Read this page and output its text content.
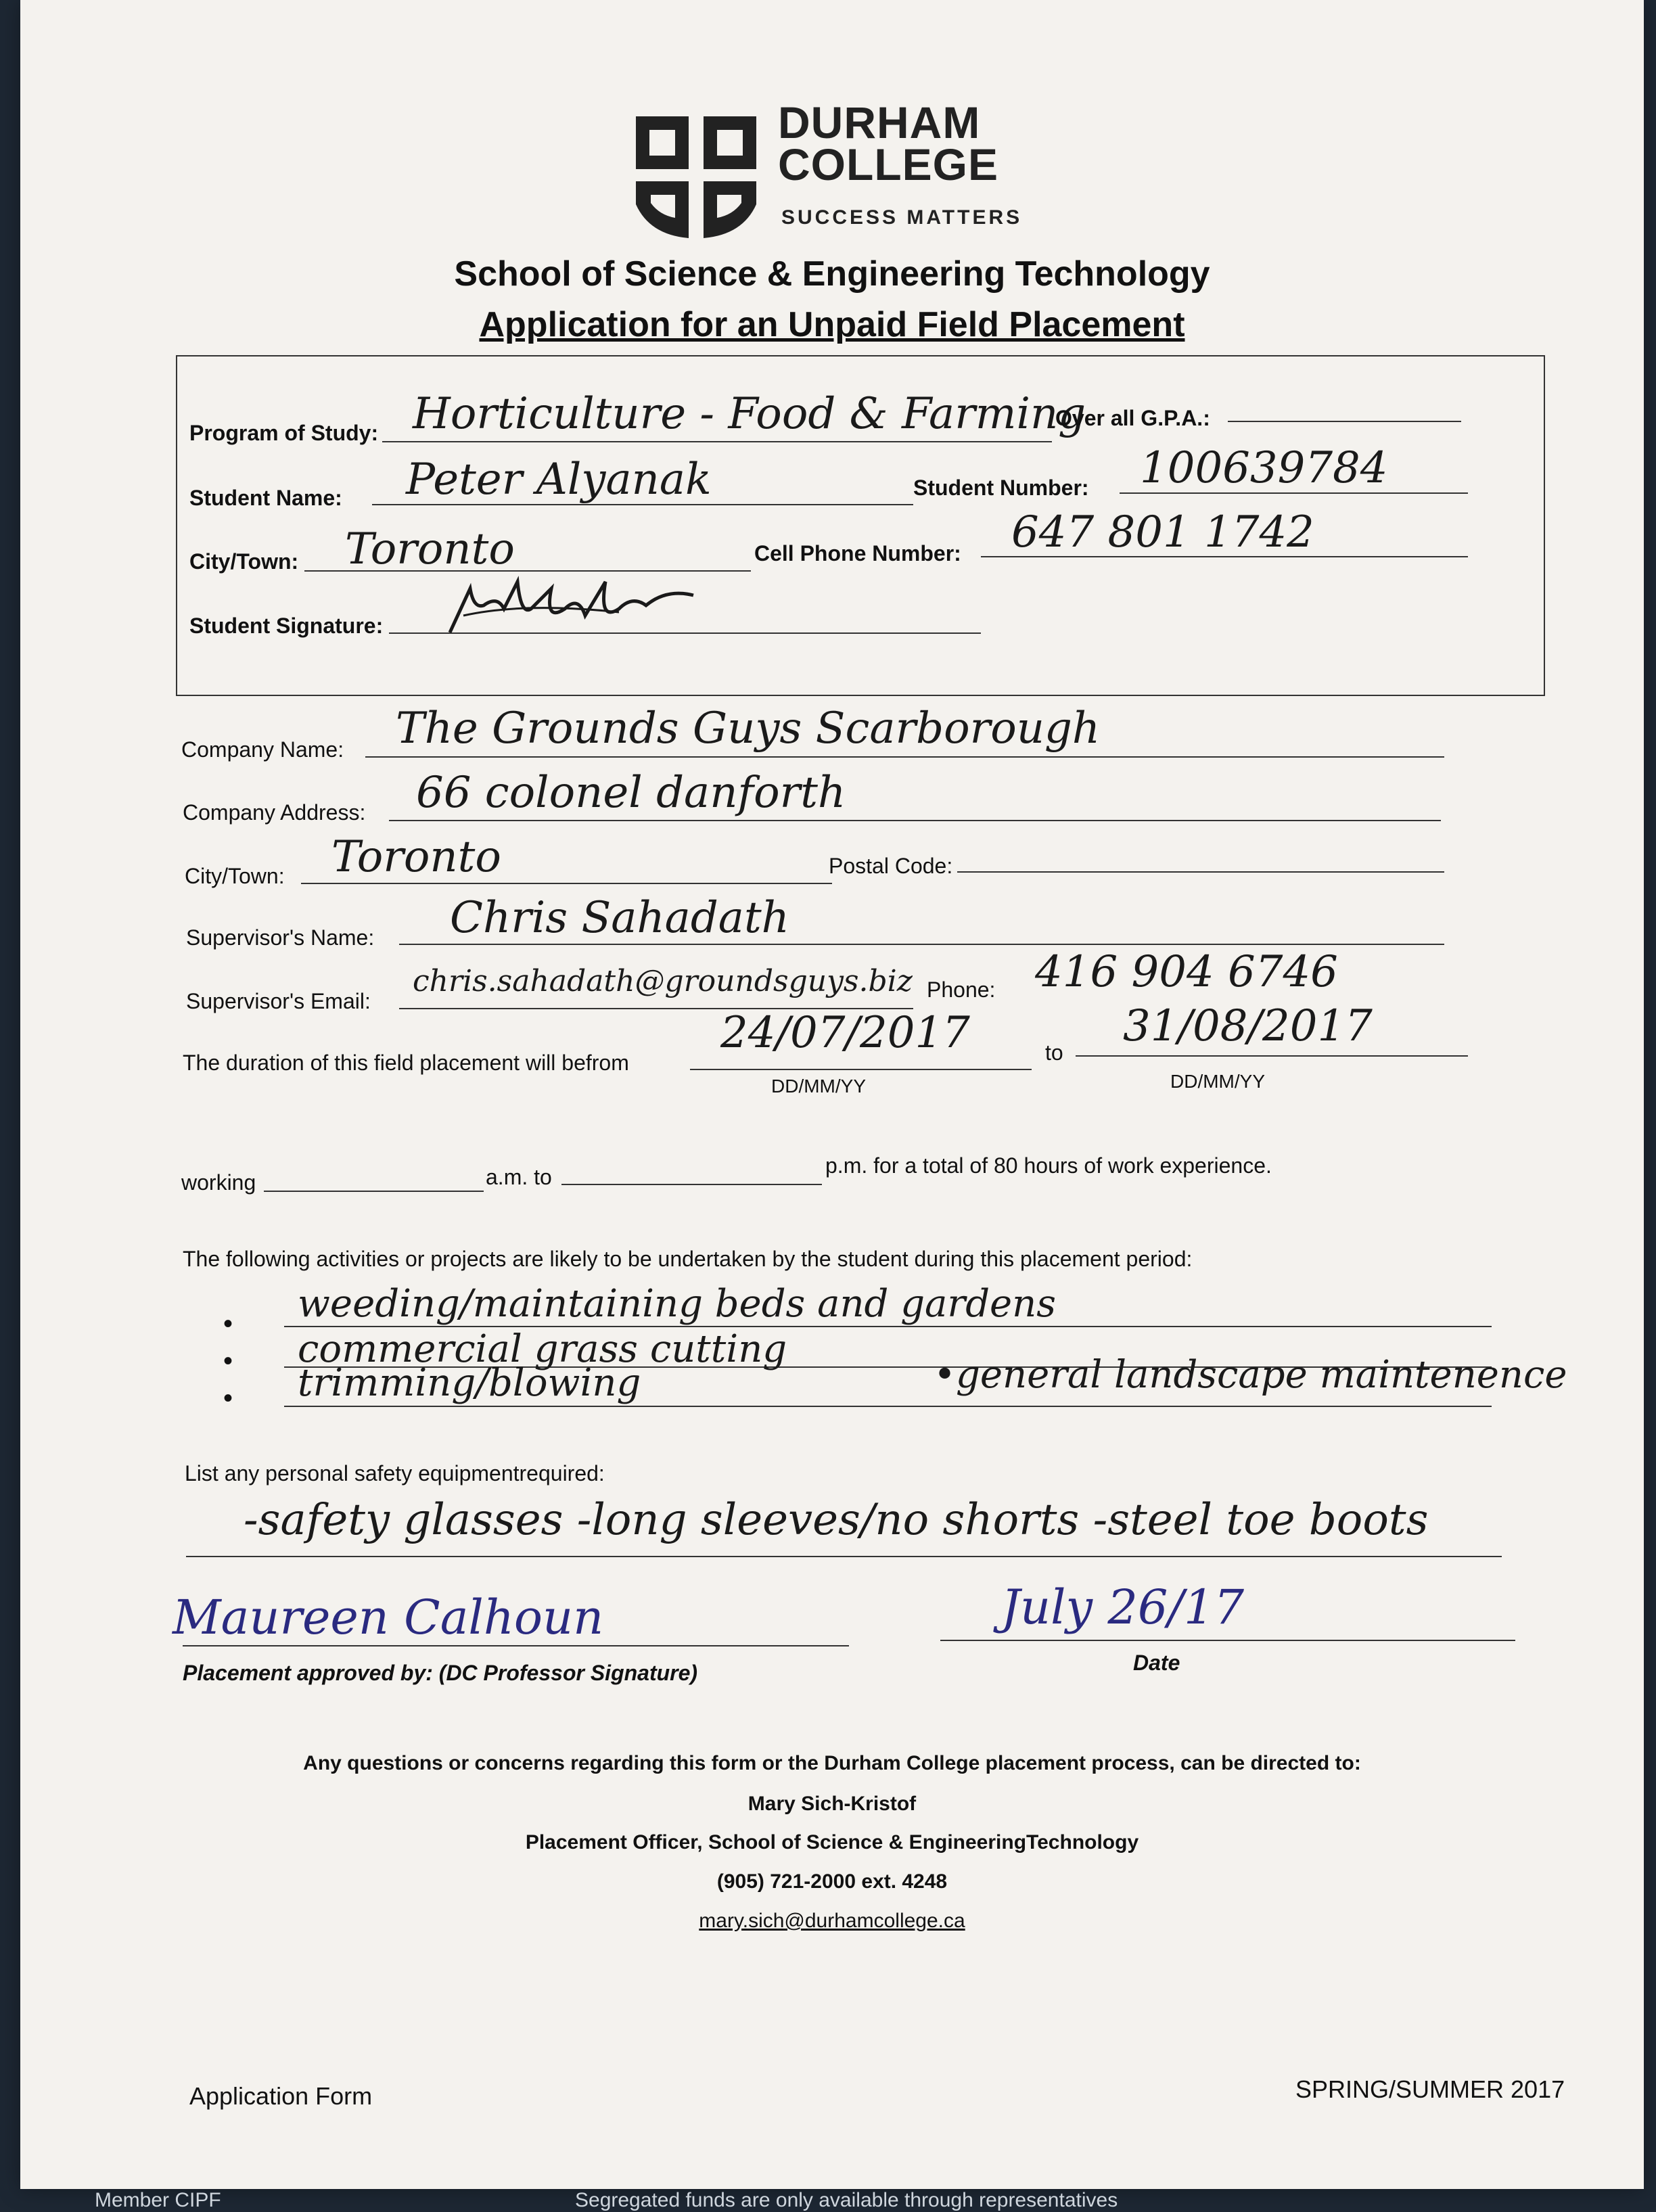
DURHAM
COLLEGE
SUCCESS MATTERS
School of Science & Engineering Technology
Application for an Unpaid Field Placement
Program of Study: Horticulture - Food & Farming
Over all G.P.A.:
Student Name: Peter Alyanak	Student Number: 100639784
City/Town: Toronto	Cell Phone Number: 647 801 1742
Student Signature:
Company Name: The Grounds Guys Scarborough
Company Address: 66 colonel danforth
City/Town: Toronto	Postal Code:
Supervisor's Name: Chris Sahadath
Supervisor's Email:
chris.sahadath@groundsguys.biz Phone: 416 904 6746
The duration of this field placement will befrom
24/07/2017	to
31/08/2017
DD/MM/YY	DD/MM/YY
working	a.m. to	p.m. for a total of 80 hours of work experience.
The following activities or projects are likely to be undertaken by the student during this placement period:
• weeding/maintaining beds and gardens
• commercial grass cutting
• trimming/blowing	•general landscape maintenence
List any personal safety equipmentrequired:
-safety glasses -long sleeves/no shorts -steel toe boots
Maureen Calhoun
Placement approved by: (DC Professor Signature)
July 26/17
Date
Any questions or concerns regarding this form or the Durham College placement process, can be directed to:
Mary Sich-Kristof
Placement Officer, School of Science & EngineeringTechnology
(905) 721-2000 ext. 4248
mary.sich@durhamcollege.ca
Application Form	SPRING/SUMMER 2017
Member CIPF	Segregated funds are only available through representatives
